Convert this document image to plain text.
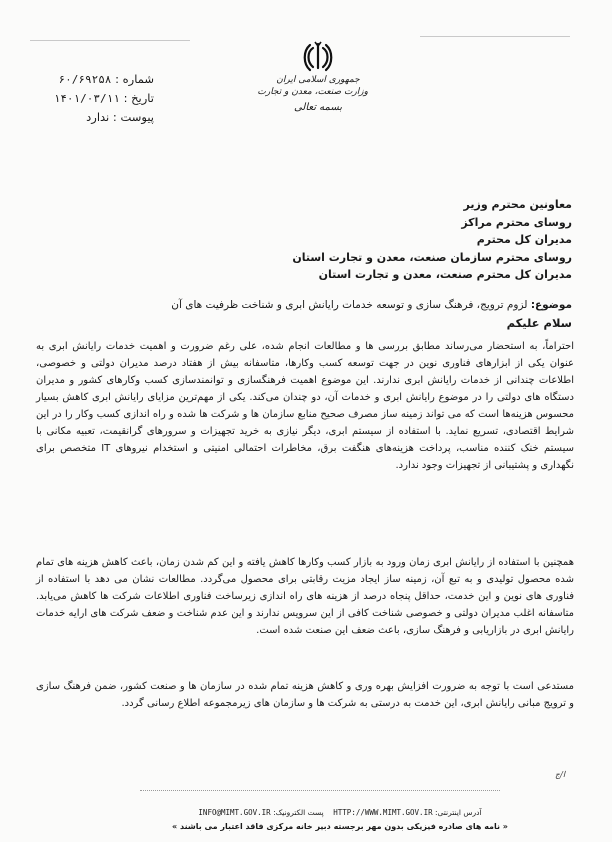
جمهوری اسلامی ایران
وزارت صنعت، معدن و تجارت
بسمه تعالی
شماره : ۶۰/۶۹۲۵۸
تاریخ : ۱۴۰۱/۰۳/۱۱
پیوست : ندارد
معاونین محترم وزیر
روسای محترم مراکز
مدیران کل محترم
روسای محترم سازمان صنعت، معدن و تجارت استان
مدیران کل محترم صنعت، معدن و تجارت استان
موضوع: لزوم ترویج، فرهنگ سازی و توسعه خدمات رایانش ابری و شناخت ظرفیت های آن
سلام علیکم
احتراماً، به استحضار می‌رساند مطابق بررسی ها و مطالعات انجام شده، علی رغم ضرورت و اهمیت خدمات رایانش ابری به عنوان یکی از ابزارهای فناوری نوین در جهت توسعه کسب وکارها، متاسفانه بیش از هفتاد درصد مدیران دولتی و خصوصی، اطلاعات چندانی از خدمات رایانش ابری ندارند. این موضوع اهمیت فرهنگسازی و توانمندسازی کسب وکارهای کشور و مدیران دستگاه های دولتی را در موضوع رایانش ابری و خدمات آن، دو چندان می‌کند. یکی از مهم‌ترین مزایای رایانش ابری کاهش بسیار محسوس هزینه‌ها است که می تواند زمینه ساز مصرف صحیح منابع سازمان ها و شرکت ها شده و راه اندازی کسب وکار را در این شرایط اقتصادی، تسریع نماید. با استفاده از سیستم ابری، دیگر نیازی به خرید تجهیزات و سرورهای گرانقیمت، تعبیه مکانی با سیستم خنک کننده مناسب، پرداخت هزینه‌های هنگفت برق، مخاطرات احتمالی امنیتی و استخدام نیروهای IT متخصص برای نگهداری و پشتیبانی از تجهیزات وجود ندارد.
همچنین با استفاده از رایانش ابری زمان ورود به بازار کسب وکارها کاهش یافته و این کم شدن زمان، باعث کاهش هزینه های تمام شده محصول تولیدی و به تبع آن، زمینه ساز ایجاد مزیت رقابتی برای محصول می‌گردد. مطالعات نشان می دهد با استفاده از فناوری های نوین و این خدمت، حداقل پنجاه درصد از هزینه های راه اندازی زیرساخت فناوری اطلاعات شرکت ها کاهش می‌یابد. متاسفانه اغلب مدیران دولتی و خصوصی شناخت کافی از این سرویس ندارند و این عدم شناخت و ضعف شرکت های ارایه خدمات رایانش ابری در بازاریابی و فرهنگ سازی، باعث ضعف این صنعت شده است.
مستدعی است با توجه به ضرورت افزایش بهره وری و کاهش هزینه تمام شده در سازمان ها و صنعت کشور، ضمن فرهنگ سازی و ترویج مبانی رایانش ابری، این خدمت به درستی به شرکت ها و سازمان های زیرمجموعه اطلاع رسانی گردد.
ا/ج
آدرس اینترنتی: HTTP://WWW.MIMT.GOV.IR    پست الکترونیک: INFO@MIMT.GOV.IR
« نامه های صادره فیزیکی بدون مهر برجسته دبیر خانه مرکزی فاقد اعتبار می باشند »
